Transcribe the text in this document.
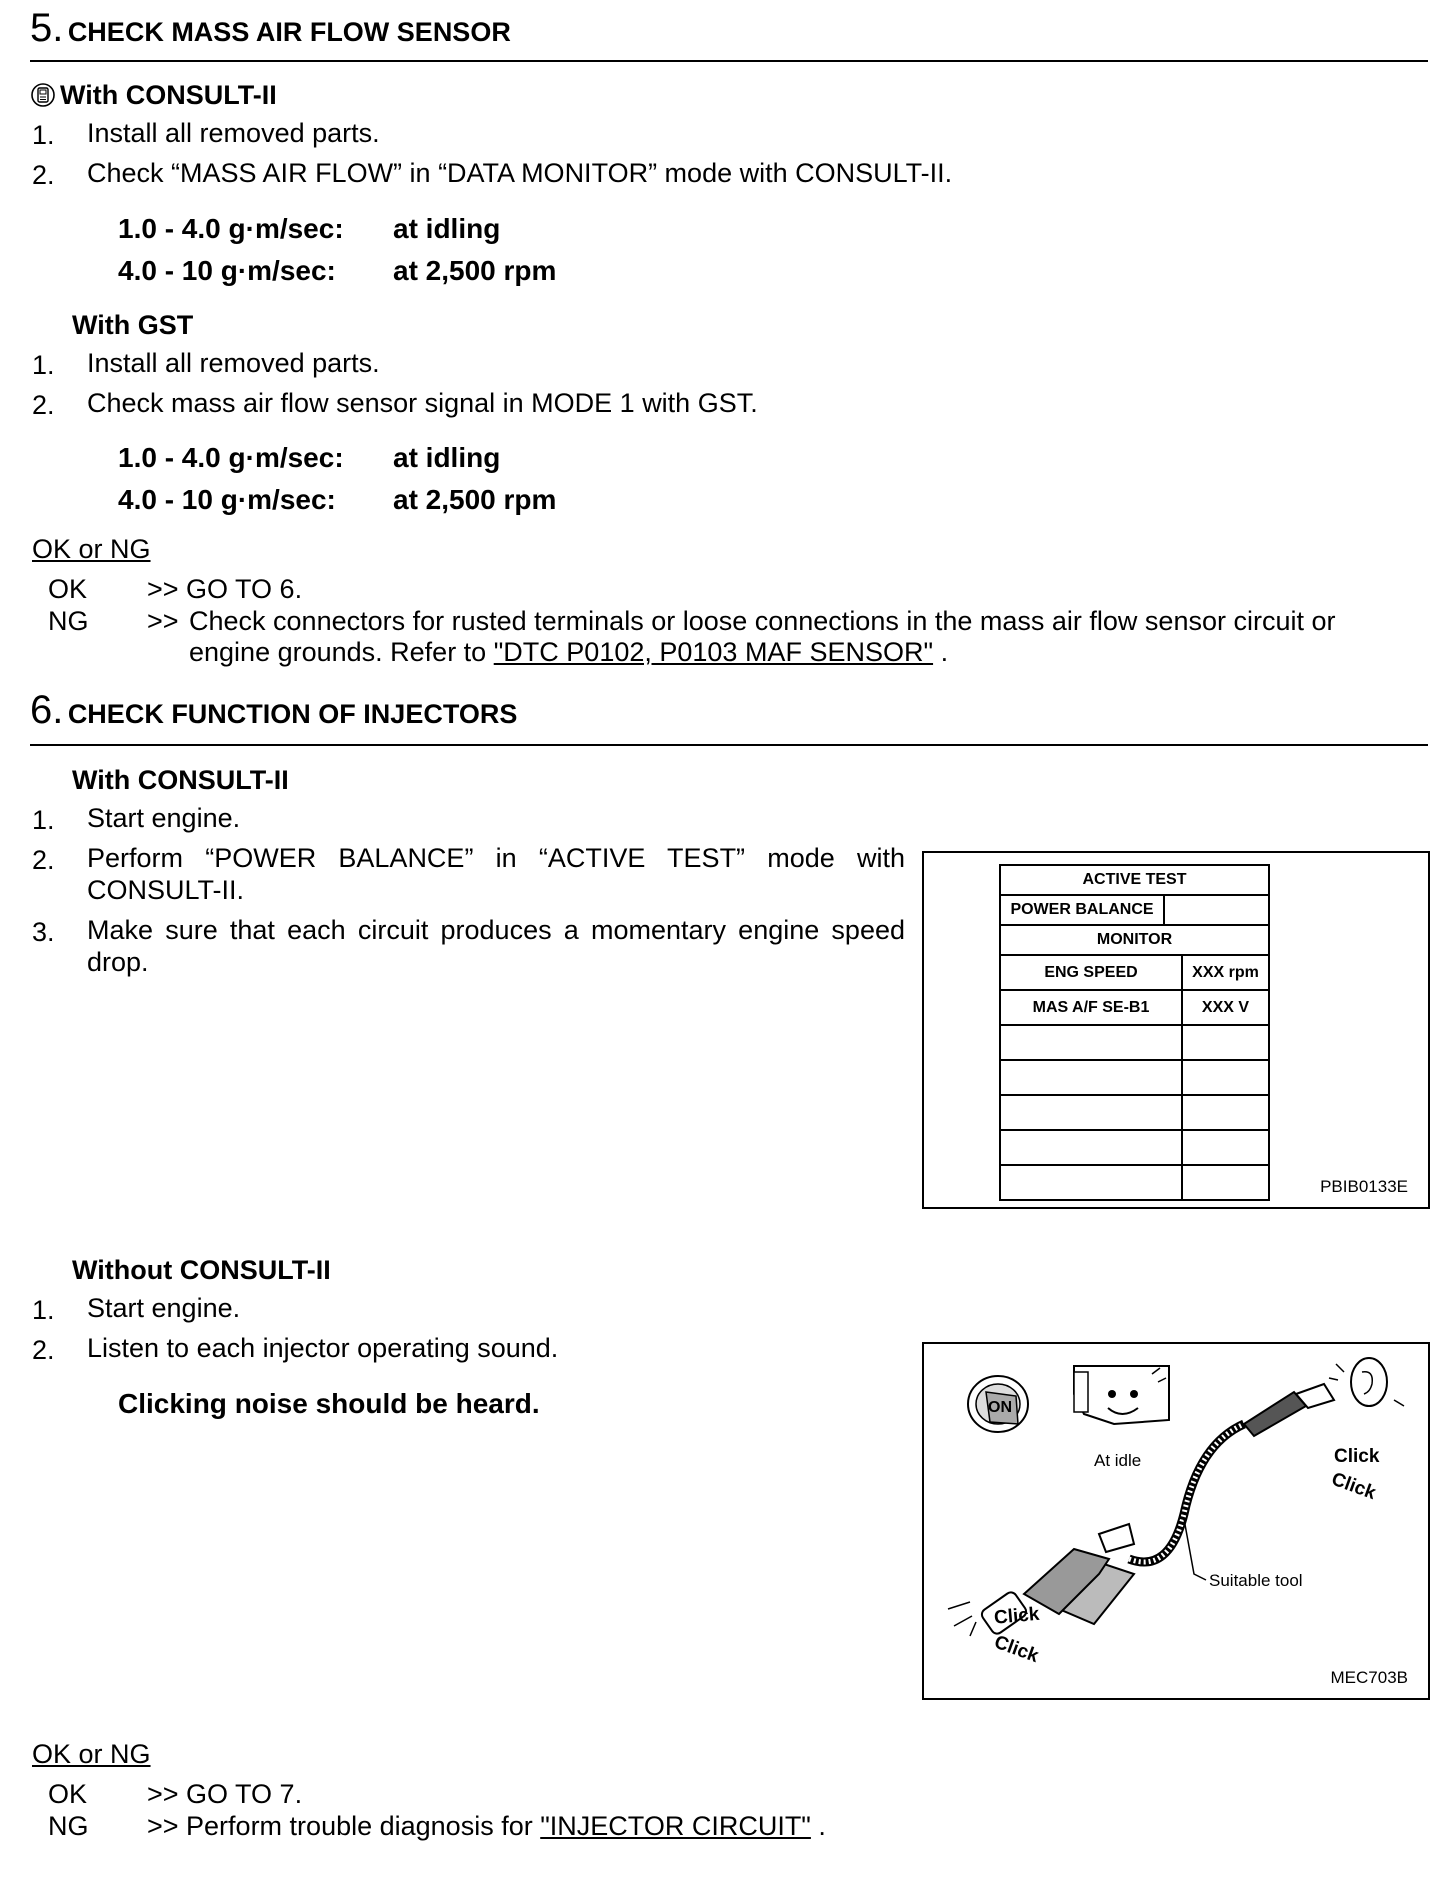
5. CHECK MASS AIR FLOW SENSOR
With CONSULT-II
1. Install all removed parts.
2. Check “MASS AIR FLOW” in “DATA MONITOR” mode with CONSULT-II.
1.0 - 4.0 g·m/sec: at idling
4.0 - 10 g·m/sec: at 2,500 rpm
With GST
1. Install all removed parts.
2. Check mass air flow sensor signal in MODE 1 with GST.
1.0 - 4.0 g·m/sec: at idling
4.0 - 10 g·m/sec: at 2,500 rpm
OK or NG
OK >> GO TO 6.
NG >> Check connectors for rusted terminals or loose connections in the mass air flow sensor circuit or
engine grounds. Refer to "DTC P0102, P0103 MAF SENSOR" .
6. CHECK FUNCTION OF INJECTORS
With CONSULT-II
1. Start engine.
2. Perform “POWER BALANCE” in “ACTIVE TEST” mode with CONSULT-II.
3. Make sure that each circuit produces a momentary engine speed drop.
ACTIVE TEST	

POWER BALANCE	

MONITOR	
ENG SPEED	XXX rpm
MAS A/F SE-B1	XXX V

PBIB0133E
Without CONSULT-II
1. Start engine.
2. Listen to each injector operating sound.
Clicking noise should be heard.	ON
At idle	Click
Click
Click
Click
Suitable tool
MEC703B
OK or NG
OK >> GO TO 7.
NG >> Perform trouble diagnosis for "INJECTOR CIRCUIT" .
